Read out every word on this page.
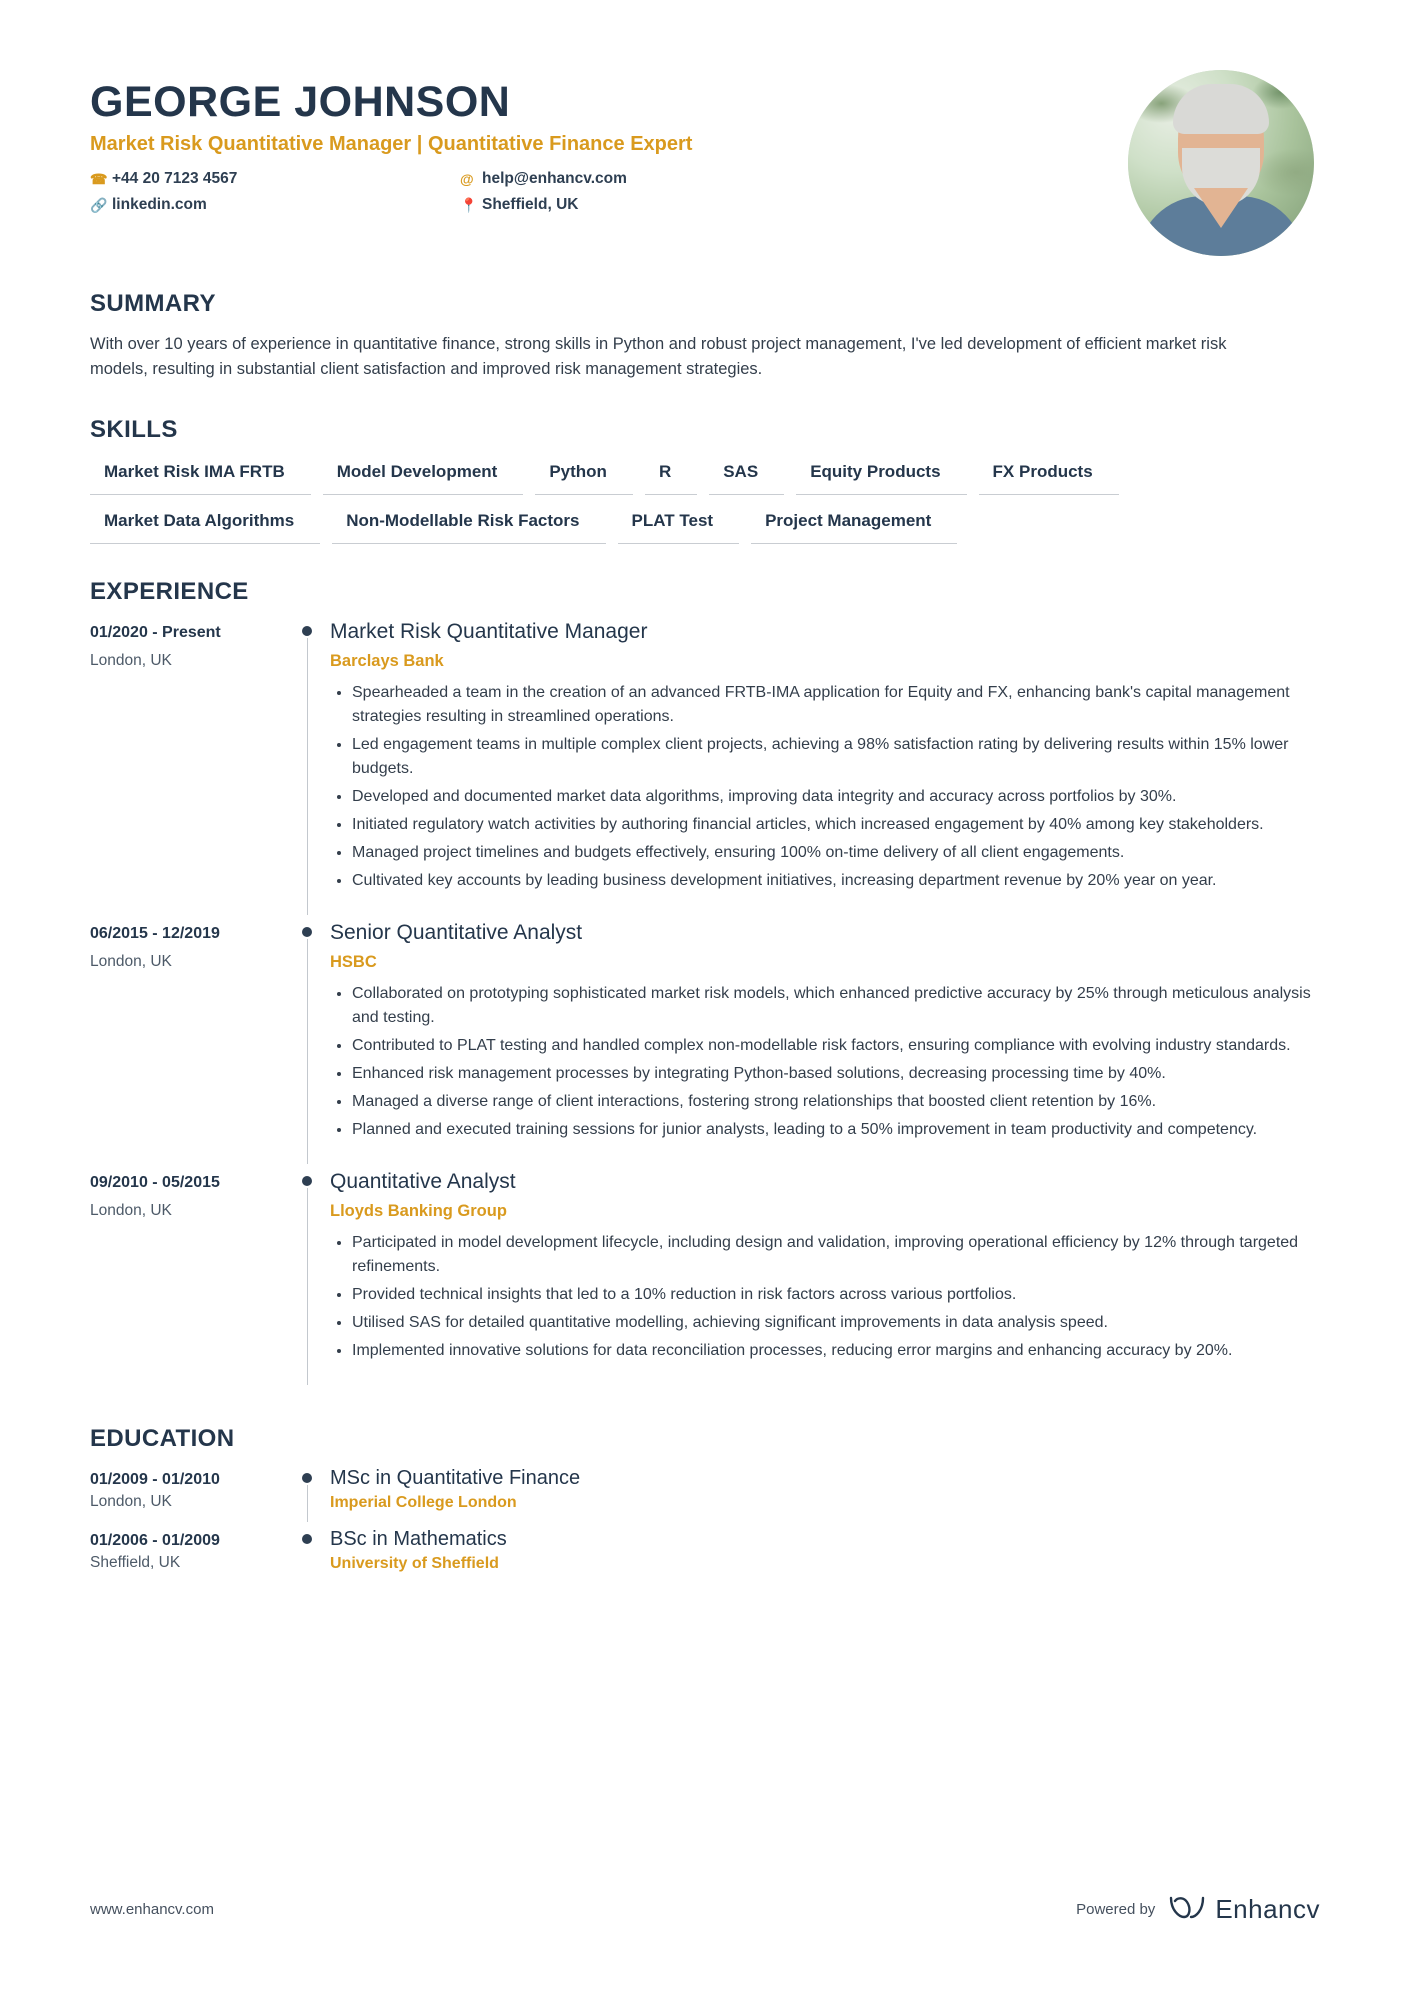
GEORGE JOHNSON
Market Risk Quantitative Manager | Quantitative Finance Expert
☎ +44 20 7123 4567	@ help@enhancv.com
🔗 linkedin.com	📍 Sheffield, UK
SUMMARY
With over 10 years of experience in quantitative finance, strong skills in Python and robust project management, I've led development of efficient market risk models, resulting in substantial client satisfaction and improved risk management strategies.
SKILLS
Market Risk IMA FRTB	Model Development	Python	R	SAS	Equity Products	FX Products
Market Data Algorithms	Non-Modellable Risk Factors	PLAT Test	Project Management
EXPERIENCE
01/2020 - Present
London, UK
Market Risk Quantitative Manager
Barclays Bank
• Spearheaded a team in the creation of an advanced FRTB-IMA application for Equity and FX, enhancing bank's capital management strategies resulting in streamlined operations.
• Led engagement teams in multiple complex client projects, achieving a 98% satisfaction rating by delivering results within 15% lower budgets.
• Developed and documented market data algorithms, improving data integrity and accuracy across portfolios by 30%.
• Initiated regulatory watch activities by authoring financial articles, which increased engagement by 40% among key stakeholders.
• Managed project timelines and budgets effectively, ensuring 100% on-time delivery of all client engagements.
• Cultivated key accounts by leading business development initiatives, increasing department revenue by 20% year on year.
06/2015 - 12/2019
London, UK
Senior Quantitative Analyst
HSBC
• Collaborated on prototyping sophisticated market risk models, which enhanced predictive accuracy by 25% through meticulous analysis and testing.
• Contributed to PLAT testing and handled complex non-modellable risk factors, ensuring compliance with evolving industry standards.
• Enhanced risk management processes by integrating Python-based solutions, decreasing processing time by 40%.
• Managed a diverse range of client interactions, fostering strong relationships that boosted client retention by 16%.
• Planned and executed training sessions for junior analysts, leading to a 50% improvement in team productivity and competency.
09/2010 - 05/2015
London, UK
Quantitative Analyst
Lloyds Banking Group
• Participated in model development lifecycle, including design and validation, improving operational efficiency by 12% through targeted refinements.
• Provided technical insights that led to a 10% reduction in risk factors across various portfolios.
• Utilised SAS for detailed quantitative modelling, achieving significant improvements in data analysis speed.
• Implemented innovative solutions for data reconciliation processes, reducing error margins and enhancing accuracy by 20%.
EDUCATION
01/2009 - 01/2010
London, UK
MSc in Quantitative Finance
Imperial College London
01/2006 - 01/2009
Sheffield, UK
BSc in Mathematics
University of Sheffield
www.enhancv.com	Powered by Enhancv
